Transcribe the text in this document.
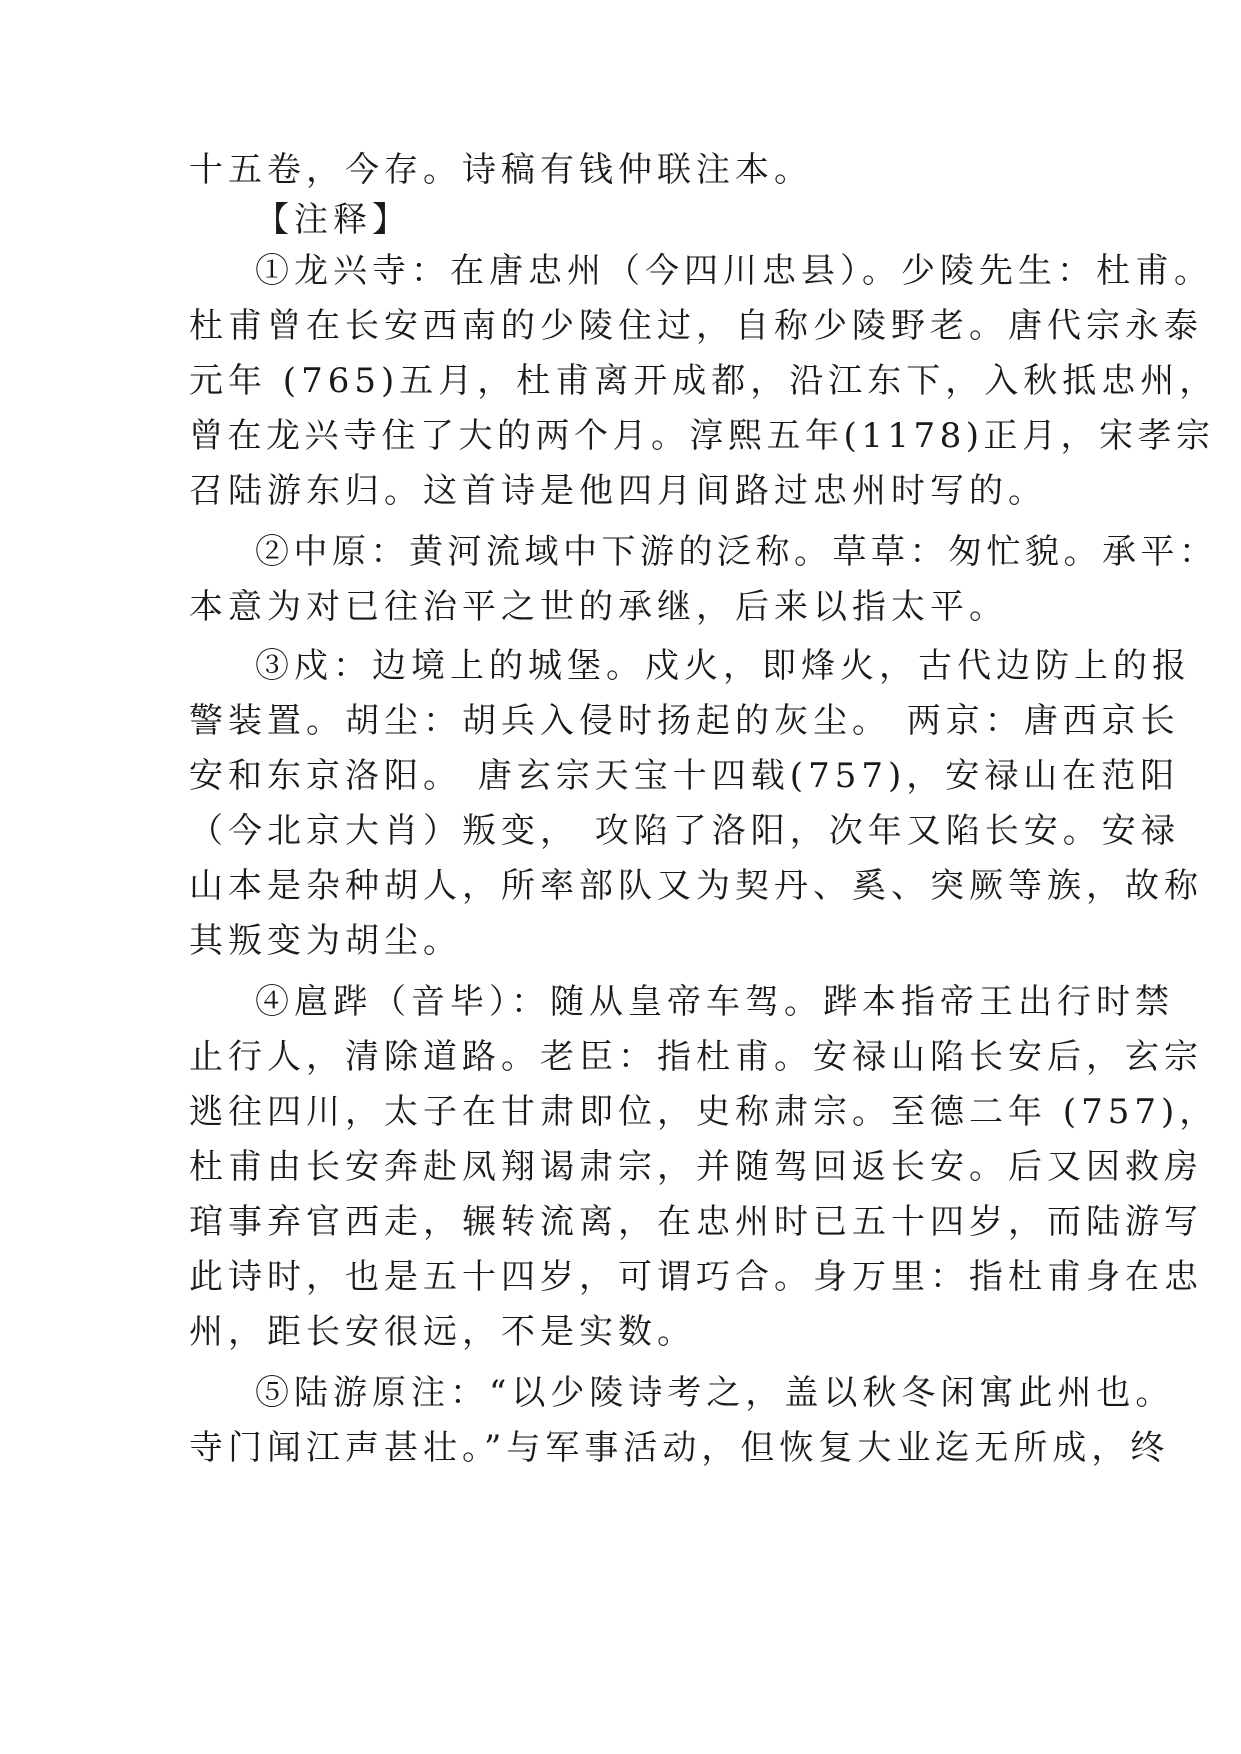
十五卷，今存。诗稿有钱仲联注本。
【注释】
①龙兴寺：在唐忠州（今四川忠县）。少陵先生：杜甫。
杜甫曾在长安西南的少陵住过，自称少陵野老。唐代宗永泰
元年 (765)五月，杜甫离开成都，沿江东下，入秋抵忠州，
曾在龙兴寺住了大的两个月。淳熙五年(1178)正月，宋孝宗
召陆游东归。这首诗是他四月间路过忠州时写的。
②中原：黄河流域中下游的泛称。草草：匆忙貌。承平：
本意为对已往治平之世的承继，后来以指太平。
③戍：边境上的城堡。戍火，即烽火，古代边防上的报
警装置。胡尘：胡兵入侵时扬起的灰尘。 两京：唐西京长
安和东京洛阳。 唐玄宗天宝十四载(757)，安禄山在范阳
（今北京大肖）叛变， 攻陷了洛阳，次年又陷长安。安禄
山本是杂种胡人，所率部队又为契丹、奚、突厥等族，故称
其叛变为胡尘。
④扈跸（音毕）：随从皇帝车驾。跸本指帝王出行时禁
止行人，清除道路。老臣：指杜甫。安禄山陷长安后，玄宗
逃往四川，太子在甘肃即位，史称肃宗。至德二年 (757)，
杜甫由长安奔赴凤翔谒肃宗，并随驾回返长安。后又因救房
琯事弃官西走，辗转流离，在忠州时已五十四岁，而陆游写
此诗时，也是五十四岁，可谓巧合。身万里：指杜甫身在忠
州，距长安很远，不是实数。
⑤陆游原注：“以少陵诗考之，盖以秋冬闲寓此州也。
寺门闻江声甚壮。”与军事活动，但恢复大业迄无所成，终
